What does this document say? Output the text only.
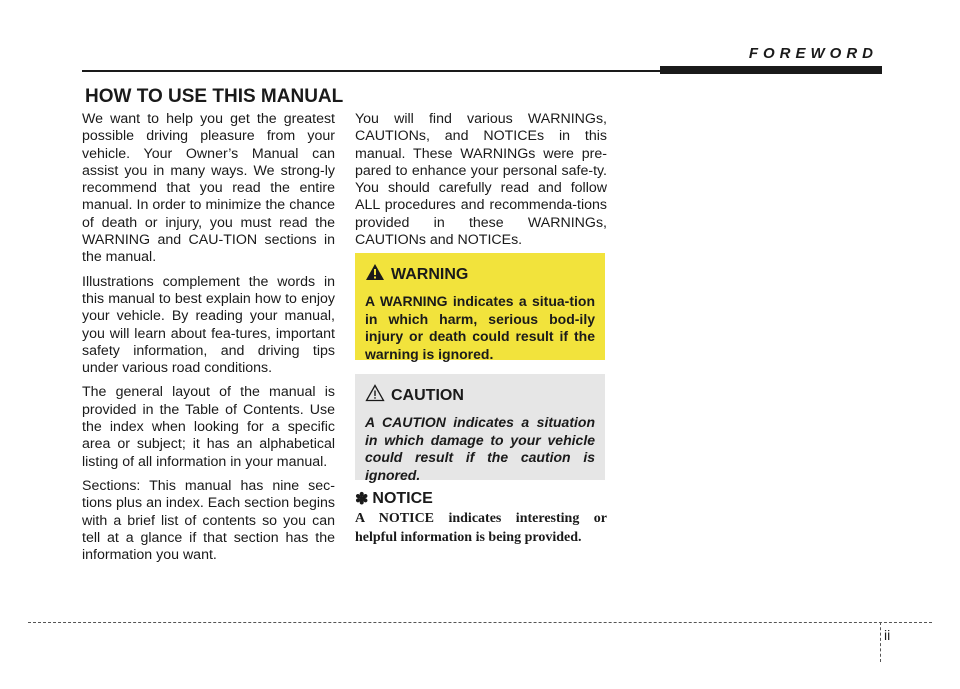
FOREWORD
HOW TO USE THIS MANUAL

We want to help you get the greatest possible driving pleasure from your vehicle. Your Owner’s Manual can assist you in many ways. We strong-ly recommend that you read the entire manual. In order to minimize the chance of death or injury, you must read the WARNING and CAU-TION sections in the manual.

Illustrations complement the words in this manual to best explain how to enjoy your vehicle. By reading your manual, you will learn about fea-tures, important safety information, and driving tips under various road conditions.

The general layout of the manual is provided in the Table of Contents. Use the index when looking for a specific area or subject; it has an alphabetical listing of all information in your manual.

Sections: This manual has nine sec-tions plus an index. Each section begins with a brief list of contents so you can tell at a glance if that section has the information you want.

You will find various WARNINGs, CAUTIONs, and NOTICEs in this manual. These WARNINGs were pre-pared to enhance your personal safe-ty. You should carefully read and follow ALL procedures and recommenda-tions provided in these WARNINGs, CAUTIONs and NOTICEs.
WARNING
A WARNING indicates a situa-tion in which harm, serious bod-ily injury or death could result if the warning is ignored.
CAUTION
A CAUTION indicates a situation in which damage to your vehicle could result if the caution is ignored.
✽ NOTICE
A NOTICE indicates interesting or helpful information is being provided.
ii
